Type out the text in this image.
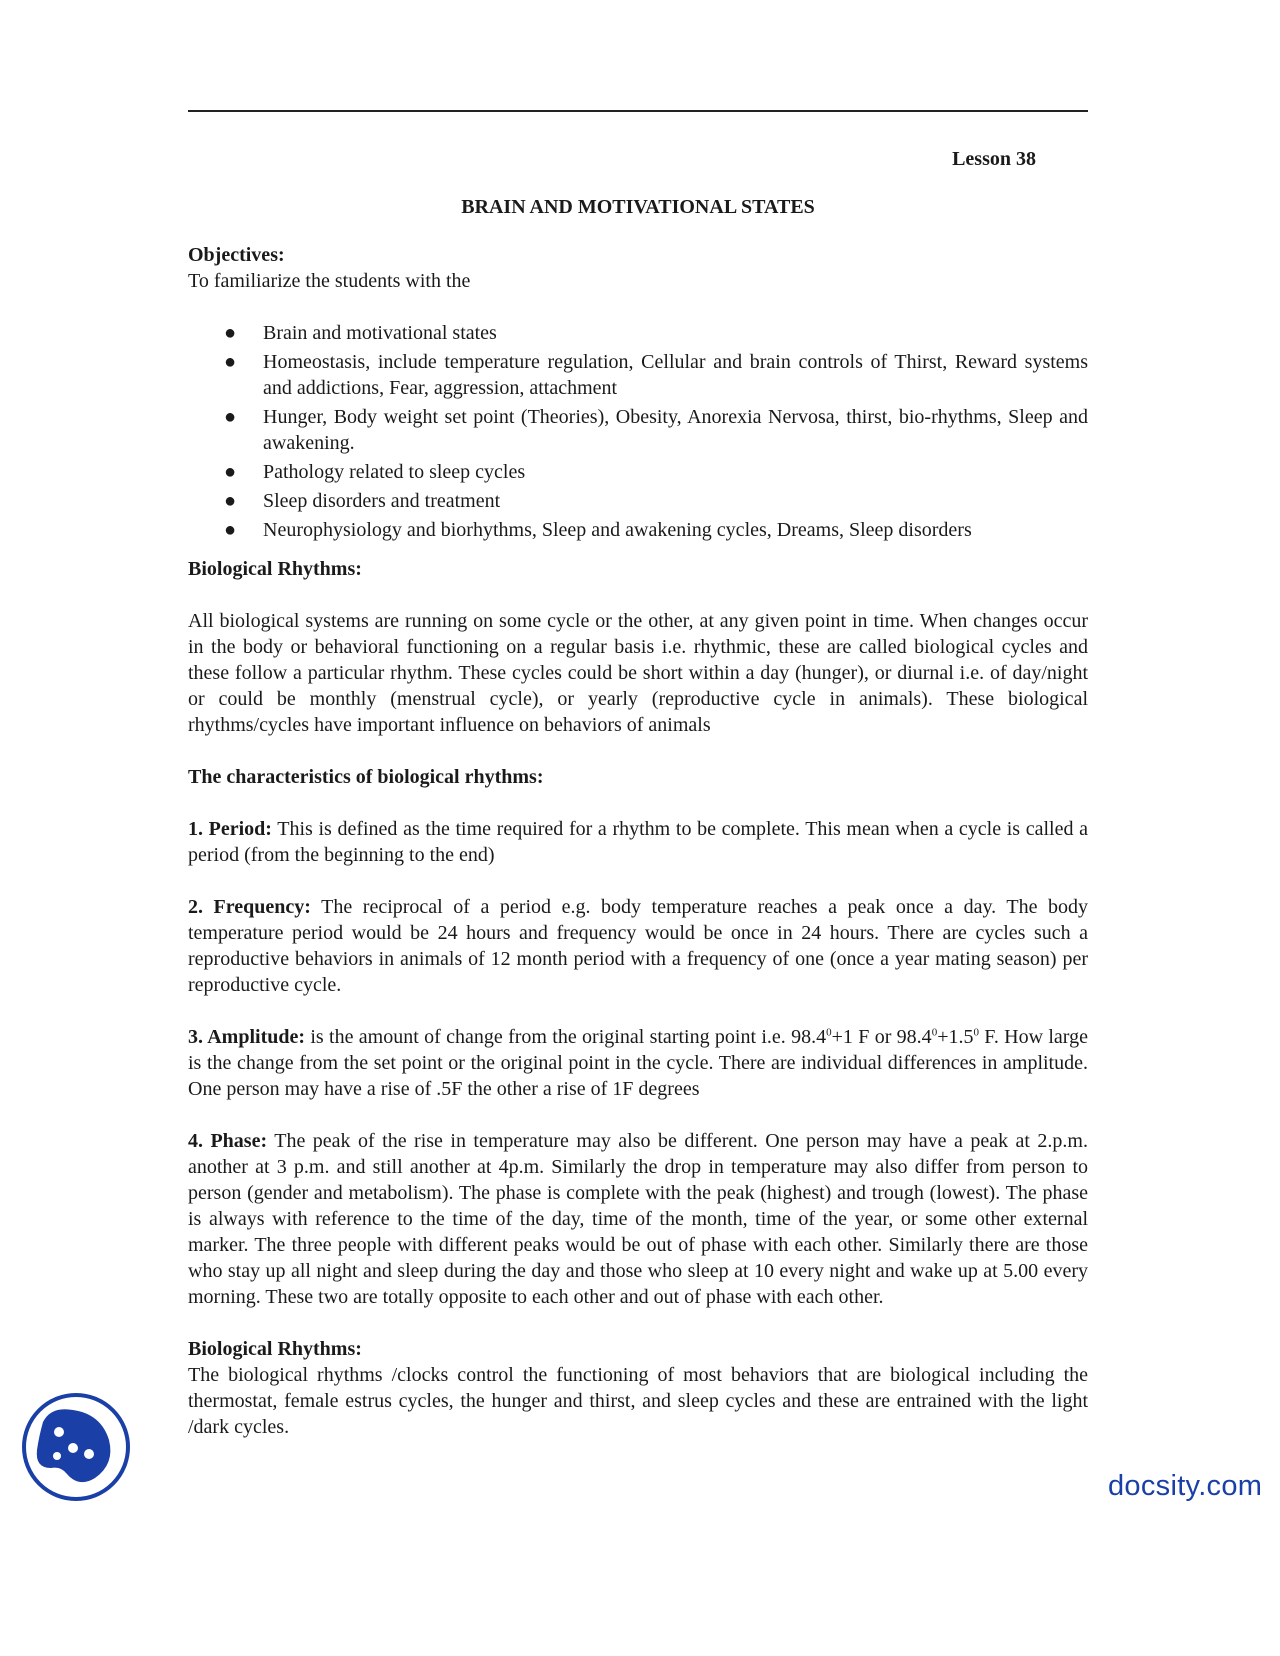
Lesson 38

BRAIN AND MOTIVATIONAL STATES

Objectives:

To familiarize the students with the

● Brain and motivational states
● Homeostasis, include temperature regulation, Cellular and brain controls of Thirst, Reward systems and addictions, Fear, aggression, attachment
● Hunger, Body weight set point (Theories), Obesity, Anorexia Nervosa, thirst, bio-rhythms, Sleep and awakening.
● Pathology related to sleep cycles
● Sleep disorders and treatment
● Neurophysiology and biorhythms, Sleep and awakening cycles, Dreams, Sleep disorders

Biological Rhythms:

All biological systems are running on some cycle or the other, at any given point in time. When changes occur in the body or behavioral functioning on a regular basis i.e. rhythmic, these are called biological cycles and these follow a particular rhythm. These cycles could be short within a day (hunger), or diurnal i.e. of day/night or could be monthly (menstrual cycle), or yearly (reproductive cycle in animals). These biological rhythms/cycles have important influence on behaviors of animals

The characteristics of biological rhythms:

1. Period: This is defined as the time required for a rhythm to be complete. This mean when a cycle is called a period (from the beginning to the end)

2. Frequency: The reciprocal of a period e.g. body temperature reaches a peak once a day. The body temperature period would be 24 hours and frequency would be once in 24 hours. There are cycles such a reproductive behaviors in animals of 12 month period with a frequency of one (once a year mating season) per reproductive cycle.

3. Amplitude: is the amount of change from the original starting point i.e. $98.4^0+1$ F or $98.4^0+1.5^0$ F. How large is the change from the set point or the original point in the cycle. There are individual differences in amplitude. One person may have a rise of .5F the other a rise of 1F degrees

4. Phase: The peak of the rise in temperature may also be different. One person may have a peak at 2.p.m. another at 3 p.m. and still another at 4p.m. Similarly the drop in temperature may also differ from person to person (gender and metabolism). The phase is complete with the peak (highest) and trough (lowest). The phase is always with reference to the time of the day, time of the month, time of the year, or some other external marker. The three people with different peaks would be out of phase with each other. Similarly there are those who stay up all night and sleep during the day and those who sleep at 10 every night and wake up at 5.00 every morning. These two are totally opposite to each other and out of phase with each other.

Biological Rhythms:

The biological rhythms /clocks control the functioning of most behaviors that are biological including the thermostat, female estrus cycles, the hunger and thirst, and sleep cycles and these are entrained with the light /dark cycles.

docsity.com
